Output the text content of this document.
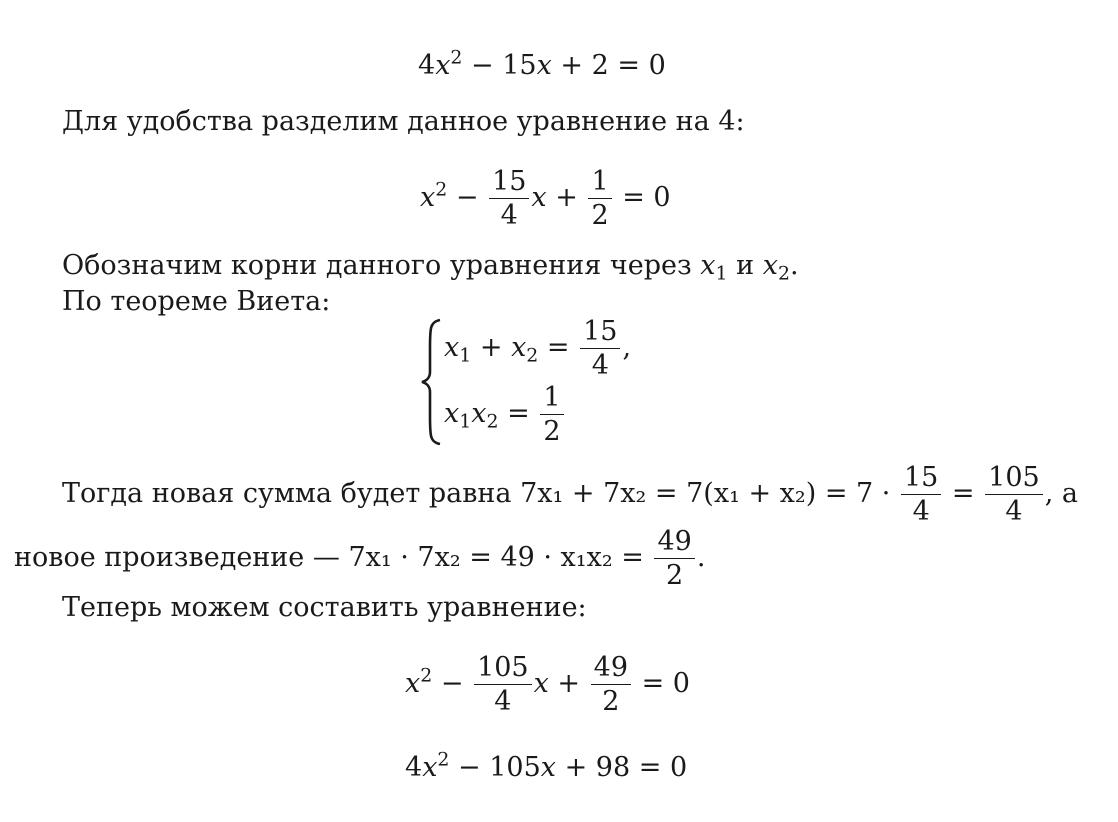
$4x^2 - 15x + 2 = 0$
Для удобства разделим данное уравнение на 4:
$x^2 - \frac{15}{4}$ $x + \frac{1}{2} = 0$
Обозначим корни данного уравнения через $x_1$ и $x_2$.
По теореме Виета:
$x_1 + x_2 = \frac{15}{4}$ ,
$x_1x_2 = \frac{1}{2}$
Тогда новая сумма будет равна $7x_1 + 7x_2 = 7(x_1 + x_2) = 7 \cdot \frac{15}{4} = \frac{105}{4}$ , а
новое произведение — $7x_1 \cdot 7x_2 = 49 \cdot x_1x_2 = \frac{49}{2}$ .
Теперь можем составить уравнение:
$x^2 - \frac{105}{4}$ $x + \frac{49}{2} = 0$
$4x^2 - 105x + 98 = 0$
